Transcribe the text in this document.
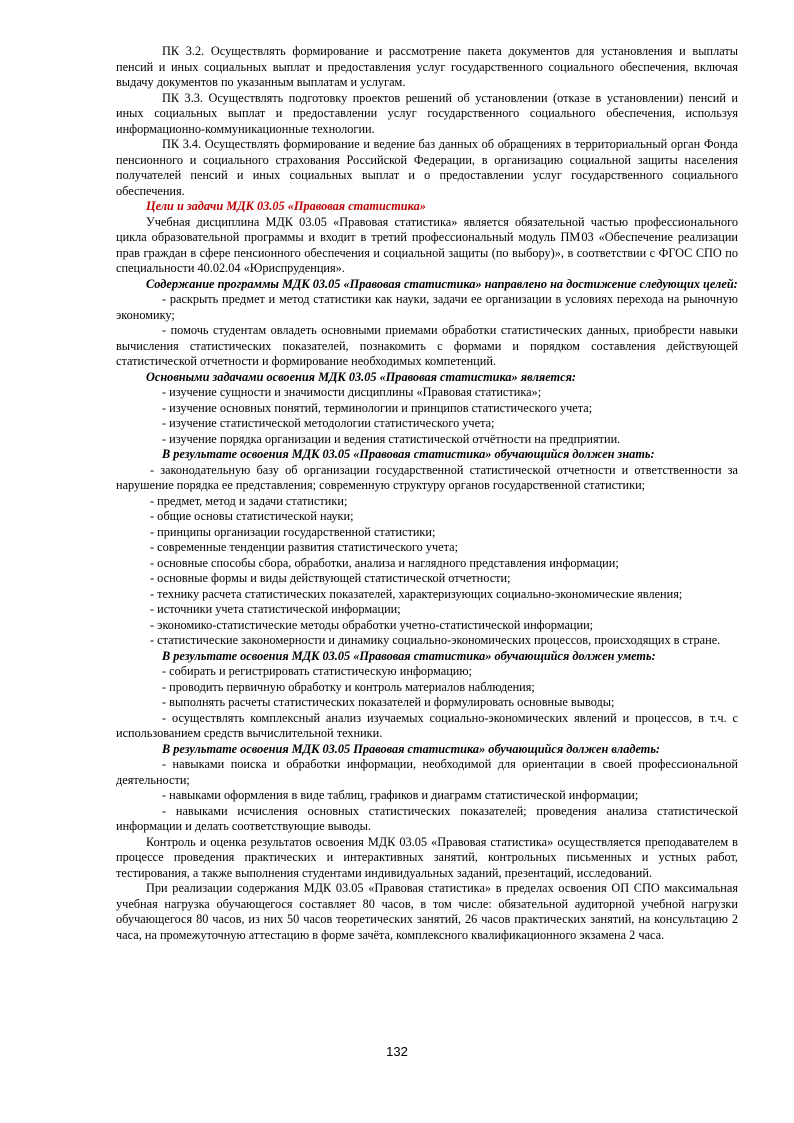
ПК 3.2. Осуществлять формирование и рассмотрение пакета документов для установления и выплаты пенсий и иных социальных выплат и предоставления услуг государственного социального обеспечения, включая выдачу документов по указанным выплатам и услугам.

ПК 3.3. Осуществлять подготовку проектов решений об установлении (отказе в установлении) пенсий и иных социальных выплат и предоставлении услуг государственного социального обеспечения, используя информационно-коммуникационные технологии.

ПК 3.4. Осуществлять формирование и ведение баз данных об обращениях в территориальный орган Фонда пенсионного и социального страхования Российской Федерации, в организацию социальной защиты населения получателей пенсий и иных социальных выплат и о предоставлении услуг государственного социального обеспечения.

Цели и задачи МДК 03.05 «Правовая статистика»

Учебная дисциплина МДК 03.05 «Правовая статистика» является обязательной частью профессионального цикла образовательной программы и входит в третий профессиональный модуль ПМ 03 «Обеспечение реализации прав граждан в сфере пенсионного обеспечения и социальной защиты (по выбору)», в соответствии с ФГОС СПО по специальности 40.02.04 «Юриспруденция».

Содержание программы МДК 03.05 «Правовая статистика» направлено на достижение следующих целей:

- раскрыть предмет и метод статистики как науки, задачи ее организации в условиях перехода на рыночную экономику;

- помочь студентам овладеть основными приемами обработки статистических данных, приобрести навыки вычисления статистических показателей, познакомить с формами и порядком составления действующей статистической отчетности и формирование необходимых компетенций.

Основными задачами освоения МДК 03.05 «Правовая статистика» является:

- изучение сущности и значимости дисциплины «Правовая статистика»;

- изучение основных понятий, терминологии и принципов статистического учета;

- изучение статистической методологии статистического учета;

- изучение порядка организации и ведения статистической отчётности на предприятии.

В результате освоения МДК 03.05 «Правовая статистика» обучающийся должен знать:

- законодательную базу об организации государственной статистической отчетности и ответственности за нарушение порядка ее представления; современную структуру органов государственной статистики;

- предмет, метод и задачи статистики;

- общие основы статистической науки;

- принципы организации государственной статистики;

- современные тенденции развития статистического учета;

- основные способы сбора, обработки, анализа и наглядного представления информации;

- основные формы и виды действующей статистической отчетности;

- технику расчета статистических показателей, характеризующих социально-экономические явления;

- источники учета статистической информации;

- экономико-статистические методы обработки учетно-статистической информации;

- статистические закономерности и динамику социально-экономических процессов, происходящих в стране.

В результате освоения МДК 03.05 «Правовая статистика» обучающийся должен уметь:

- собирать и регистрировать статистическую информацию;

- проводить первичную обработку и контроль материалов наблюдения;

- выполнять расчеты статистических показателей и формулировать основные выводы;

- осуществлять комплексный анализ изучаемых социально-экономических явлений и процессов, в т.ч. с использованием средств вычислительной техники.

В результате освоения МДК 03.05 Правовая статистика» обучающийся должен владеть:

- навыками поиска и обработки информации, необходимой для ориентации в своей профессиональной деятельности;

- навыками оформления в виде таблиц, графиков и диаграмм статистической информации;

- навыками исчисления основных статистических показателей; проведения анализа статистической информации и делать соответствующие выводы.

Контроль и оценка результатов освоения МДК 03.05 «Правовая статистика» осуществляется преподавателем в процессе проведения практических и интерактивных занятий, контрольных письменных и устных работ, тестирования, а также выполнения студентами индивидуальных заданий, презентаций, исследований.

При реализации содержания МДК 03.05 «Правовая статистика» в пределах освоения ОП СПО максимальная учебная нагрузка обучающегося составляет 80 часов, в том числе: обязательной аудиторной учебной нагрузки обучающегося 80 часов, из них 50 часов теоретических занятий, 26 часов практических занятий, на консультацию 2 часа, на промежуточную аттестацию в форме зачёта, комплексного квалификационного экзамена 2 часа.

132
